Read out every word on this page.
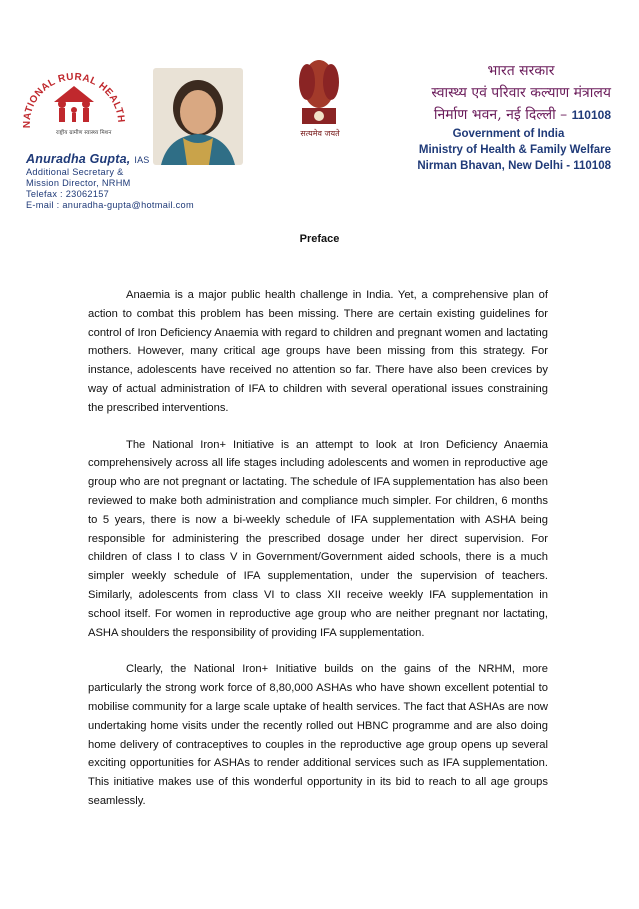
NATIONAL RURAL HEALTH
राष्ट्रीय ग्रामीण स्वास्थ्य मिशन	सत्यमेव जयते
Anuradha Gupta, IAS
Additional Secretary &
Mission Director, NRHM
Telefax : 23062157
E-mail : anuradha-gupta@hotmail.com
भारत सरकार
स्वास्थ्य एवं परिवार कल्याण मंत्रालय
निर्माण भवन, नई दिल्ली – 110108
Government of India
Ministry of Health & Family Welfare
Nirman Bhavan, New Delhi - 110108
Preface

Anaemia is a major public health challenge in India. Yet, a comprehensive plan of action to combat this problem has been missing. There are certain existing guidelines for control of Iron Deficiency Anaemia with regard to children and pregnant women and lactating mothers. However, many critical age groups have been missing from this strategy. For instance, adolescents have received no attention so far. There have also been crevices by way of actual administration of IFA to children with several operational issues constraining the prescribed interventions.

The National Iron+ Initiative is an attempt to look at Iron Deficiency Anaemia comprehensively across all life stages including adolescents and women in reproductive age group who are not pregnant or lactating. The schedule of IFA supplementation has also been reviewed to make both administration and compliance much simpler. For children, 6 months to 5 years, there is now a bi-weekly schedule of IFA supplementation with ASHA being responsible for administering the prescribed dosage under her direct supervision. For children of class I to class V in Government/Government aided schools, there is a much simpler weekly schedule of IFA supplementation, under the supervision of teachers. Similarly, adolescents from class VI to class XII receive weekly IFA supplementation in school itself. For women in reproductive age group who are neither pregnant nor lactating, ASHA shoulders the responsibility of providing IFA supplementation.

Clearly, the National Iron+ Initiative builds on the gains of the NRHM, more particularly the strong work force of 8,80,000 ASHAs who have shown excellent potential to mobilise community for a large scale uptake of health services. The fact that ASHAs are now undertaking home visits under the recently rolled out HBNC programme and are also doing home delivery of contraceptives to couples in the reproductive age group opens up several exciting opportunities for ASHAs to render additional services such as IFA supplementation. This initiative makes use of this wonderful opportunity in its bid to reach to all age groups seamlessly.
